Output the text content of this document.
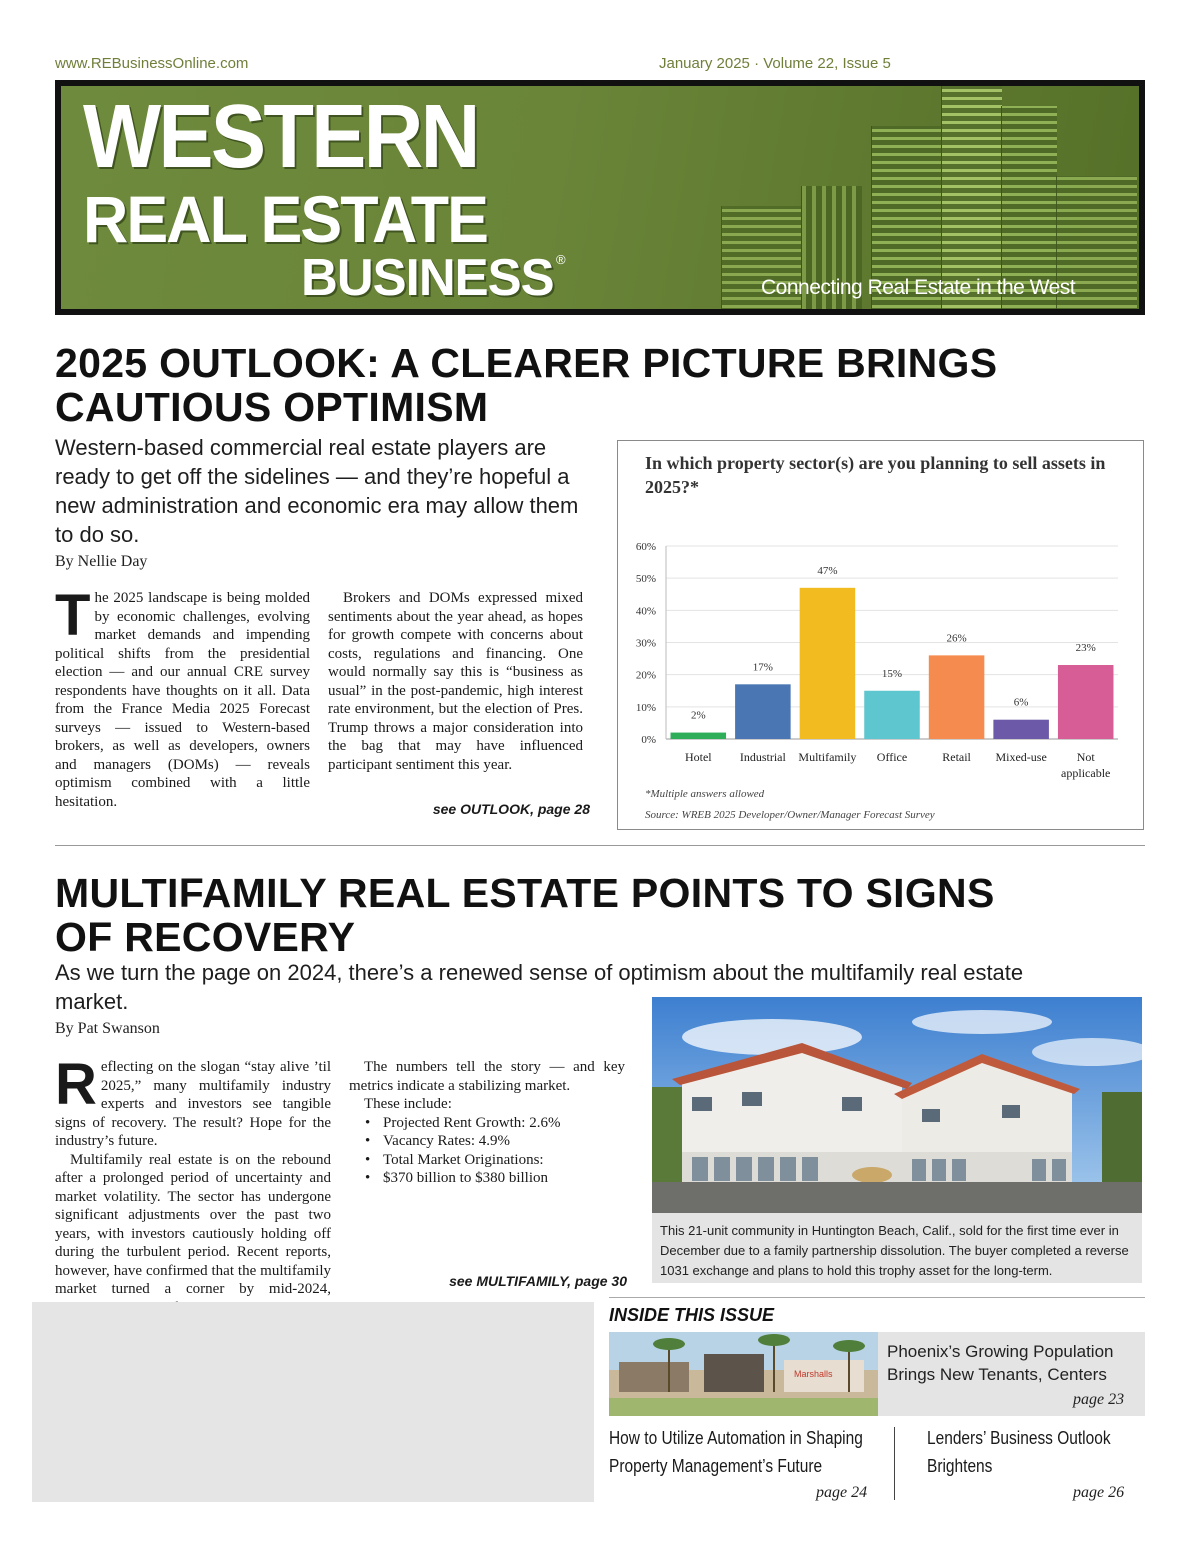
www.REBusinessOnline.com	January 2025 · Volume 22, Issue 5
WESTERN
REAL ESTATE
BUSINESS ®
Connecting Real Estate in the West
2025 OUTLOOK: A CLEARER PICTURE BRINGS CAUTIOUS OPTIMISM
Western-based commercial real estate players are ready to get off the sidelines — and they’re hopeful a new administration and economic era may allow them to do so.
By Nellie Day

The 2025 landscape is being molded by economic challenges, evolving market demands and impending political shifts from the presidential election — and our annual CRE survey respondents have thoughts on it all. Data from the France Media 2025 Forecast surveys — issued to Western-based brokers, as well as developers, owners and managers (DOMs) — reveals optimism combined with a little hesitation.

Brokers and DOMs expressed mixed sentiments about the year ahead, as hopes for growth compete with concerns about costs, regulations and financing. One would normally say this is “business as usual” in the post-pandemic, high interest rate environment, but the election of Pres. Trump throws a major consideration into the bag that may have influenced participant sentiment this year.

see OUTLOOK, page 28
In which property sector(s) are you planning to sell assets in 2025?*
0%
10%
20%
30%
40%
50%
60%
2%
Hotel
17%
Industrial
47%
Multifamily
15%
Office
26%
Retail
6%
Mixed-use
23%
Not
applicable
*Multiple answers allowed
Source: WREB 2025 Developer/Owner/Manager Forecast Survey
MULTIFAMILY REAL ESTATE POINTS TO SIGNS OF RECOVERY
As we turn the page on 2024, there’s a renewed sense of optimism about the multifamily real estate market.
By Pat Swanson

Reflecting on the slogan “stay alive ’til 2025,” many multifamily industry experts and investors see tangible signs of recovery. The result? Hope for the industry’s future.

Multifamily real estate is on the rebound after a prolonged period of uncertainty and market volatility. The sector has undergone significant adjustments over the past two years, with investors cautiously holding off during the turbulent period. Recent reports, however, have confirmed that the multifamily market turned a corner by mid-2024,

The numbers tell the story — and key metrics indicate a stabilizing market.

These include:

• Projected Rent Growth: 2.6%
• Vacancy Rates: 4.9%
• Total Market Originations:
• $370 billion to $380 billion
see MULTIFAMILY, page 30
This 21-unit community in Huntington Beach, Calif., sold for the first time ever in December due to a family partnership dissolution. The buyer completed a reverse 1031 exchange and plans to hold this trophy asset for the long-term.
INSIDE THIS ISSUE
Marshalls
Phoenix’s Growing Population Brings New Tenants, Centers
page 23
How to Utilize Automation in Shaping Property Management’s Future
page 24
Lenders’ Business Outlook Brightens
page 26
